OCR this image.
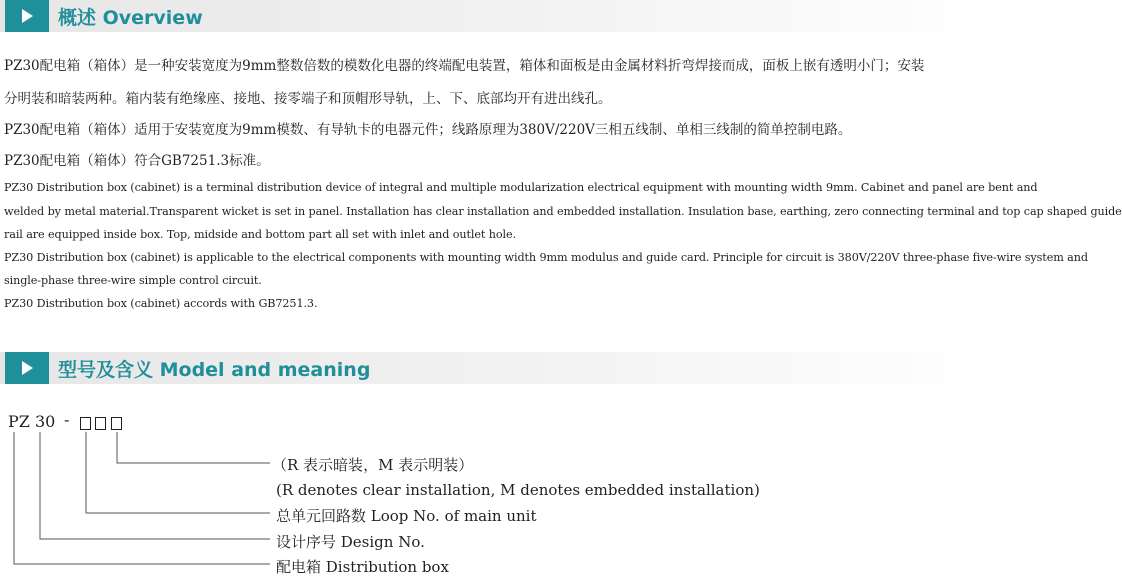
概述 Overview

PZ30配电箱（箱体）是一种安装宽度为9mm整数倍数的模数化电器的终端配电装置，箱体和面板是由金属材料折弯焊接而成，面板上嵌有透明小门；安装

分明装和暗装两种。箱内装有绝缘座、接地、接零端子和顶帽形导轨，上、下、底部均开有进出线孔。

PZ30配电箱（箱体）适用于安装宽度为9mm模数、有导轨卡的电器元件；线路原理为380V/220V三相五线制、单相三线制的简单控制电路。

PZ30配电箱（箱体）符合GB7251.3标准。

PZ30 Distribution box (cabinet) is a terminal distribution device of integral and multiple modularization electrical equipment with mounting width 9mm. Cabinet and panel are bent and

welded by metal material.Transparent wicket is set in panel. Installation has clear installation and embedded installation. Insulation base, earthing, zero connecting terminal and top cap shaped guide

rail are equipped inside box. Top, midside and bottom part all set with inlet and outlet hole.

PZ30 Distribution box (cabinet) is applicable to the electrical components with mounting width 9mm modulus and guide card. Principle for circuit is 380V/220V three-phase five-wire system and

single-phase three-wire simple control circuit.

PZ30 Distribution box (cabinet) accords with GB7251.3.

型号及含义 Model and meaning
PZ 30 -
（R 表示暗装，M 表示明装）
(R denotes clear installation, M denotes embedded installation)
总单元回路数 Loop No. of main unit
设计序号 Design No.
配电箱 Distribution box
